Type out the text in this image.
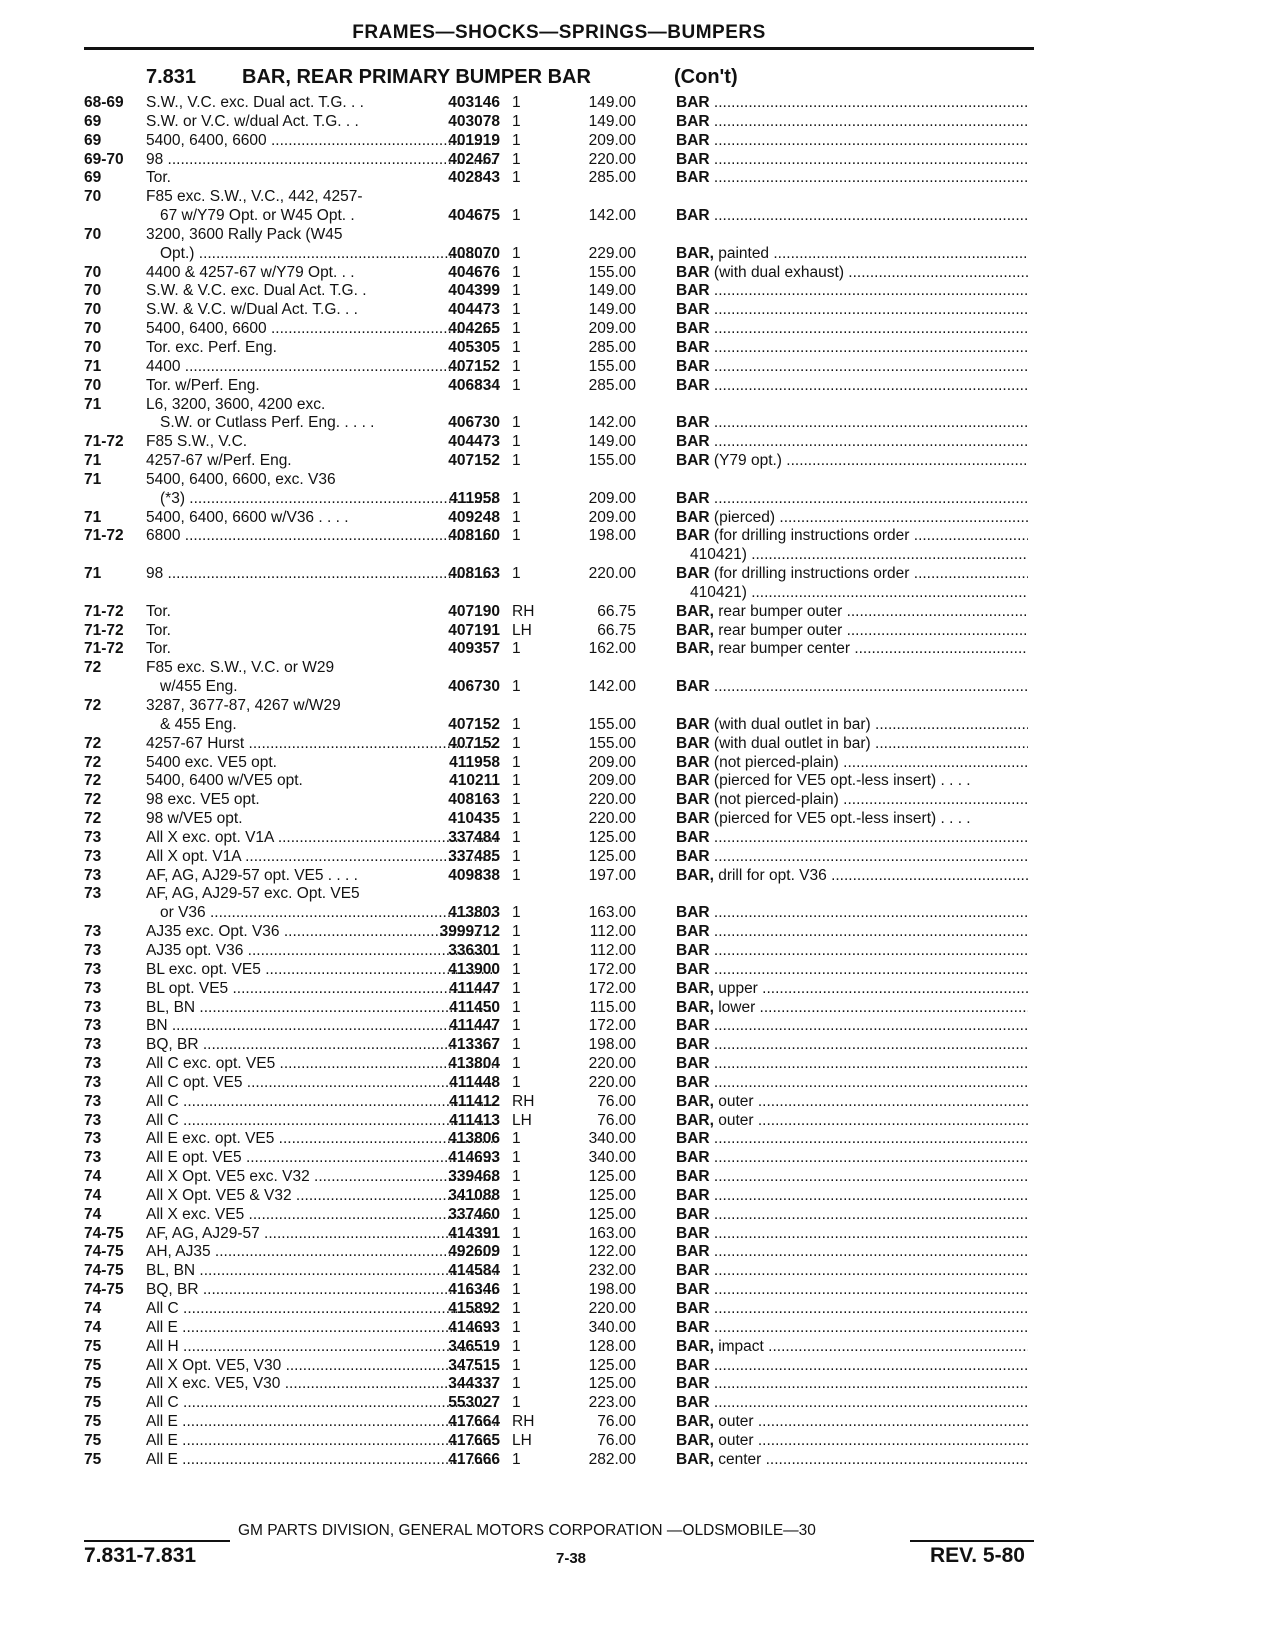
FRAMES—SHOCKS—SPRINGS—BUMPERS
7.831 BAR, REAR PRIMARY BUMPER BAR	(Con't)
68-69	S.W., V.C. exc. Dual act. T.G. . .	403146 1	149.00	BAR .....
69	S.W. or V.C. w/dual Act. T.G. . .	403078 1	149.00	BAR .....
69	5400, 6400, 6600 .....	401919 1	209.00	BAR .....
69-70	98 .....	402467 1	220.00	BAR .....
69	Tor.	402843 1	285.00	BAR .....
70	F85 exc. S.W., V.C., 442, 4257-
67 w/Y79 Opt. or W45 Opt. .	404675 1	142.00	BAR .....
70	3200, 3600 Rally Pack (W45
Opt.) .....	408070 1	229.00	BAR, painted .....
70	4400 & 4257-67 w/Y79 Opt. . .	404676 1	155.00	BAR (with dual exhaust) .....
70	S.W. & V.C. exc. Dual Act. T.G. .	404399 1	149.00	BAR .....
70	S.W. & V.C. w/Dual Act. T.G. . .	404473 1	149.00	BAR .....
70	5400, 6400, 6600 .....	404265 1	209.00	BAR .....
70	Tor. exc. Perf. Eng.	405305 1	285.00	BAR .....
71	4400 .....	407152 1	155.00	BAR .....
70	Tor. w/Perf. Eng.	406834 1	285.00	BAR .....
71	L6, 3200, 3600, 4200 exc.
S.W. or Cutlass Perf. Eng. . . . .	406730 1	142.00	BAR .....
71-72	F85 S.W., V.C.	404473 1	149.00	BAR .....
71	4257-67 w/Perf. Eng.	407152 1	155.00	BAR (Y79 opt.) .....
71	5400, 6400, 6600, exc. V36
(*3) .....	411958 1	209.00	BAR .....
71	5400, 6400, 6600 w/V36 . . . .	409248 1	209.00	BAR (pierced) .....
71-72	6800 .....	408160 1	198.00	BAR (for drilling instructions order .....
410421) .....
71	98 .....	408163 1	220.00	BAR (for drilling instructions order .....
410421) .....
71-72	Tor.	407190 RH	66.75	BAR, rear bumper outer .....
71-72	Tor.	407191 LH	66.75	BAR, rear bumper outer .....
71-72	Tor.	409357 1	162.00	BAR, rear bumper center .....
72	F85 exc. S.W., V.C. or W29
w/455 Eng.	406730 1	142.00	BAR .....
72	3287, 3677-87, 4267 w/W29
& 455 Eng.	407152 1	155.00	BAR (with dual outlet in bar) .....
72	4257-67 Hurst .....	407152 1	155.00	BAR (with dual outlet in bar) .....
72	5400 exc. VE5 opt.	411958 1	209.00	BAR (not pierced-plain) .....
72	5400, 6400 w/VE5 opt.	410211 1	209.00	BAR (pierced for VE5 opt.-less insert) . . . .
72	98 exc. VE5 opt.	408163 1	220.00	BAR (not pierced-plain) .....
72	98 w/VE5 opt.	410435 1	220.00	BAR (pierced for VE5 opt.-less insert) . . . .
73	All X exc. opt. V1A .....	337484 1	125.00	BAR .....
73	All X opt. V1A .....	337485 1	125.00	BAR .....
73	AF, AG, AJ29-57 opt. VE5 . . . .	409838 1	197.00	BAR, drill for opt. V36 .....
73	AF, AG, AJ29-57 exc. Opt. VE5
or V36 .....	413803 1	163.00	BAR .....
73	AJ35 exc. Opt. V36 .....	3999712 1	112.00	BAR .....
73	AJ35 opt. V36 .....	336301 1	112.00	BAR .....
73	BL exc. opt. VE5 .....	413900 1	172.00	BAR .....
73	BL opt. VE5 .....	411447 1	172.00	BAR, upper .....
73	BL, BN .....	411450 1	115.00	BAR, lower .....
73	BN .....	411447 1	172.00	BAR .....
73	BQ, BR .....	413367 1	198.00	BAR .....
73	All C exc. opt. VE5 .....	413804 1	220.00	BAR .....
73	All C opt. VE5 .....	411448 1	220.00	BAR .....
73	All C .....	411412 RH	76.00	BAR, outer .....
73	All C .....	411413 LH	76.00	BAR, outer .....
73	All E exc. opt. VE5 .....	413806 1	340.00	BAR .....
73	All E opt. VE5 .....	414693 1	340.00	BAR .....
74	All X Opt. VE5 exc. V32 .....	339468 1	125.00	BAR .....
74	All X Opt. VE5 & V32 .....	341088 1	125.00	BAR .....
74	All X exc. VE5 .....	337460 1	125.00	BAR .....
74-75	AF, AG, AJ29-57 .....	414391 1	163.00	BAR .....
74-75	AH, AJ35 .....	492609 1	122.00	BAR .....
74-75	BL, BN .....	414584 1	232.00	BAR .....
74-75	BQ, BR .....	416346 1	198.00	BAR .....
74	All C .....	415892 1	220.00	BAR .....
74	All E .....	414693 1	340.00	BAR .....
75	All H .....	346519 1	128.00	BAR, impact .....
75	All X Opt. VE5, V30 .....	347515 1	125.00	BAR .....
75	All X exc. VE5, V30 .....	344337 1	125.00	BAR .....
75	All C .....	553027 1	223.00	BAR .....
75	All E .....	417664 RH	76.00	BAR, outer .....
75	All E .....	417665 LH	76.00	BAR, outer .....
75	All E .....	417666 1	282.00	BAR, center .....
GM PARTS DIVISION, GENERAL MOTORS CORPORATION —OLDSMOBILE—30
7.831-7.831	7-38	REV. 5-80
